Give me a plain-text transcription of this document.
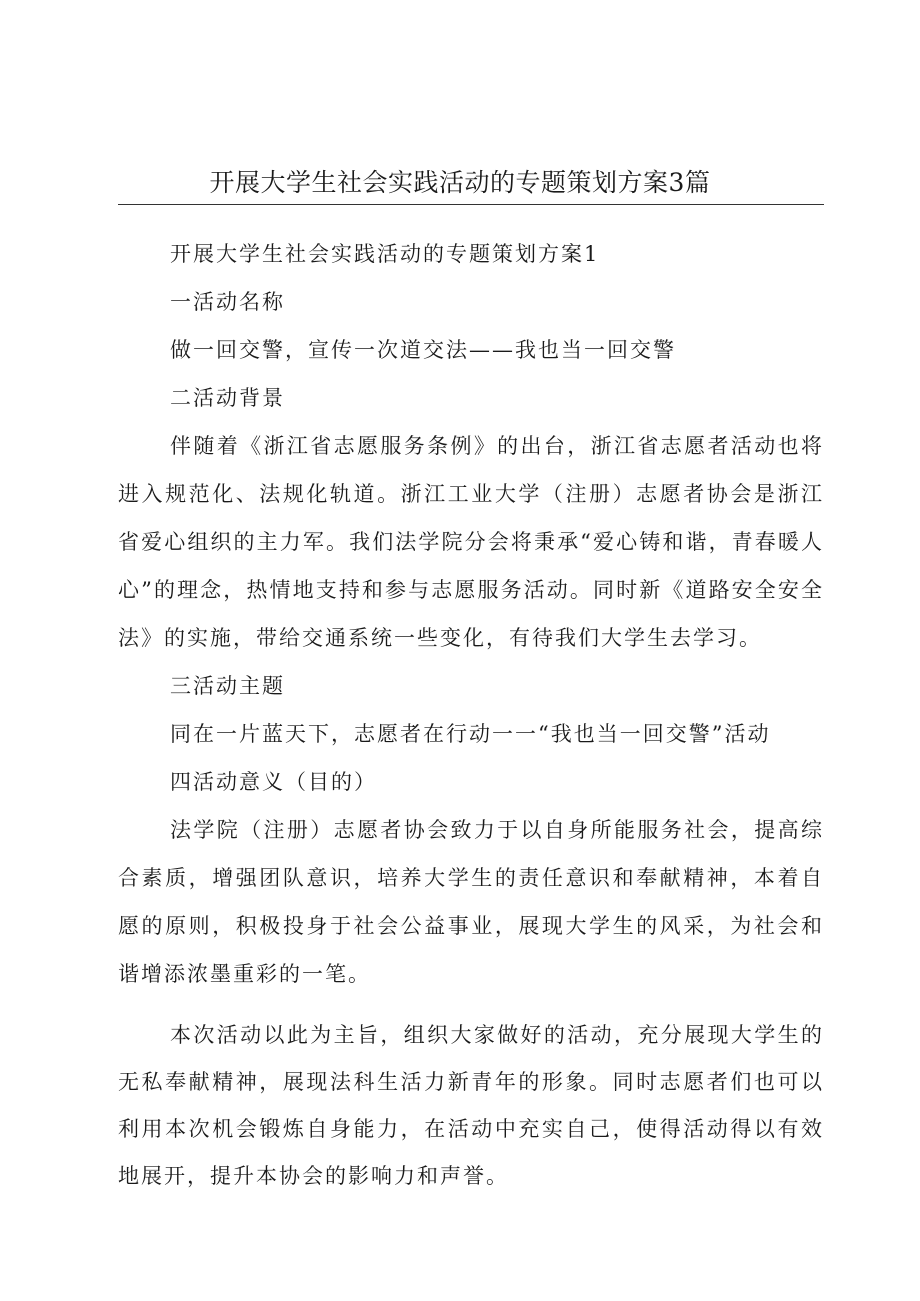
开展大学生社会实践活动的专题策划方案3篇
开展大学生社会实践活动的专题策划方案1
一活动名称
做一回交警，宣传一次道交法——我也当一回交警
二活动背景
伴随着《浙江省志愿服务条例》的出台，浙江省志愿者活动也将进入规范化、法规化轨道。浙江工业大学（注册）志愿者协会是浙江省爱心组织的主力军。我们法学院分会将秉承“爱心铸和谐，青春暖人心”的理念，热情地支持和参与志愿服务活动。同时新《道路安全安全法》的实施，带给交通系统一些变化，有待我们大学生去学习。
三活动主题
同在一片蓝天下，志愿者在行动一一“我也当一回交警”活动
四活动意义（目的）
法学院（注册）志愿者协会致力于以自身所能服务社会，提高综合素质，增强团队意识，培养大学生的责任意识和奉献精神，本着自愿的原则，积极投身于社会公益事业，展现大学生的风采，为社会和谐增添浓墨重彩的一笔。
本次活动以此为主旨，组织大家做好的活动，充分展现大学生的无私奉献精神，展现法科生活力新青年的形象。同时志愿者们也可以利用本次机会锻炼自身能力，在活动中充实自己，使得活动得以有效地展开，提升本协会的影响力和声誉。
